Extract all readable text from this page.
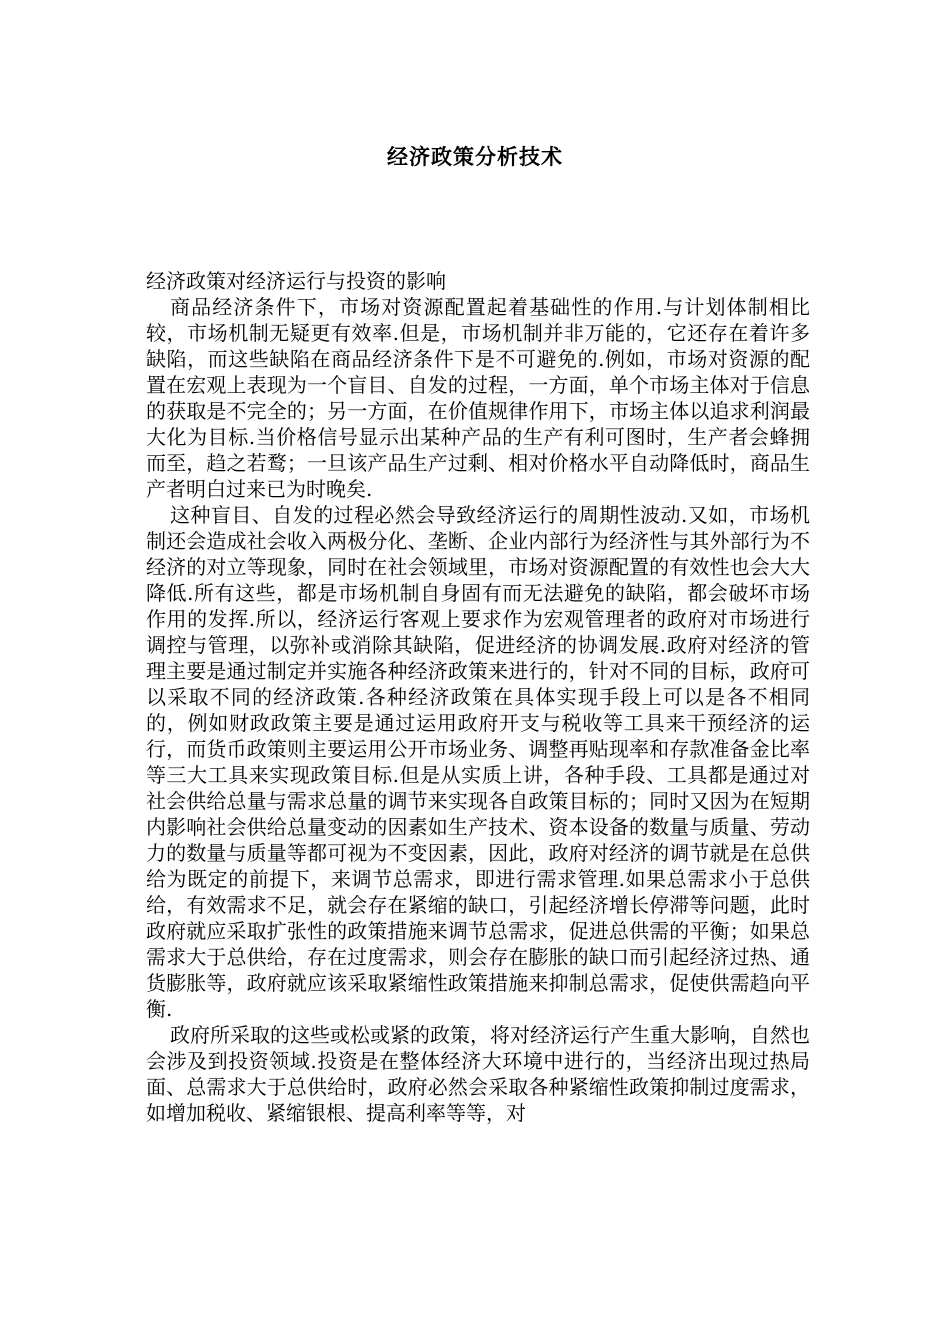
经济政策分析技术

经济政策对经济运行与投资的影响

商品经济条件下，市场对资源配置起着基础性的作用.与计划体制相比较，市场机制无疑更有效率.但是，市场机制并非万能的，它还存在着许多缺陷，而这些缺陷在商品经济条件下是不可避免的.例如，市场对资源的配置在宏观上表现为一个盲目、自发的过程，一方面，单个市场主体对于信息的获取是不完全的；另一方面，在价值规律作用下，市场主体以追求利润最大化为目标.当价格信号显示出某种产品的生产有利可图时，生产者会蜂拥而至，趋之若鹜；一旦该产品生产过剩、相对价格水平自动降低时，商品生产者明白过来已为时晚矣.

这种盲目、自发的过程必然会导致经济运行的周期性波动.又如，市场机制还会造成社会收入两极分化、垄断、企业内部行为经济性与其外部行为不经济的对立等现象，同时在社会领域里，市场对资源配置的有效性也会大大降低.所有这些，都是市场机制自身固有而无法避免的缺陷，都会破坏市场作用的发挥.所以，经济运行客观上要求作为宏观管理者的政府对市场进行调控与管理，以弥补或消除其缺陷，促进经济的协调发展.政府对经济的管理主要是通过制定并实施各种经济政策来进行的，针对不同的目标，政府可以采取不同的经济政策.各种经济政策在具体实现手段上可以是各不相同的，例如财政政策主要是通过运用政府开支与税收等工具来干预经济的运行，而货币政策则主要运用公开市场业务、调整再贴现率和存款准备金比率等三大工具来实现政策目标.但是从实质上讲，各种手段、工具都是通过对社会供给总量与需求总量的调节来实现各自政策目标的；同时又因为在短期内影响社会供给总量变动的因素如生产技术、资本设备的数量与质量、劳动力的数量与质量等都可视为不变因素，因此，政府对经济的调节就是在总供给为既定的前提下，来调节总需求，即进行需求管理.如果总需求小于总供给，有效需求不足，就会存在紧缩的缺口，引起经济增长停滞等问题，此时政府就应采取扩张性的政策措施来调节总需求，促进总供需的平衡；如果总需求大于总供给，存在过度需求，则会存在膨胀的缺口而引起经济过热、通货膨胀等，政府就应该采取紧缩性政策措施来抑制总需求，促使供需趋向平衡.

政府所采取的这些或松或紧的政策，将对经济运行产生重大影响，自然也会涉及到投资领域.投资是在整体经济大环境中进行的，当经济出现过热局面、总需求大于总供给时，政府必然会采取各种紧缩性政策抑制过度需求，如增加税收、紧缩银根、提高利率等等，对
